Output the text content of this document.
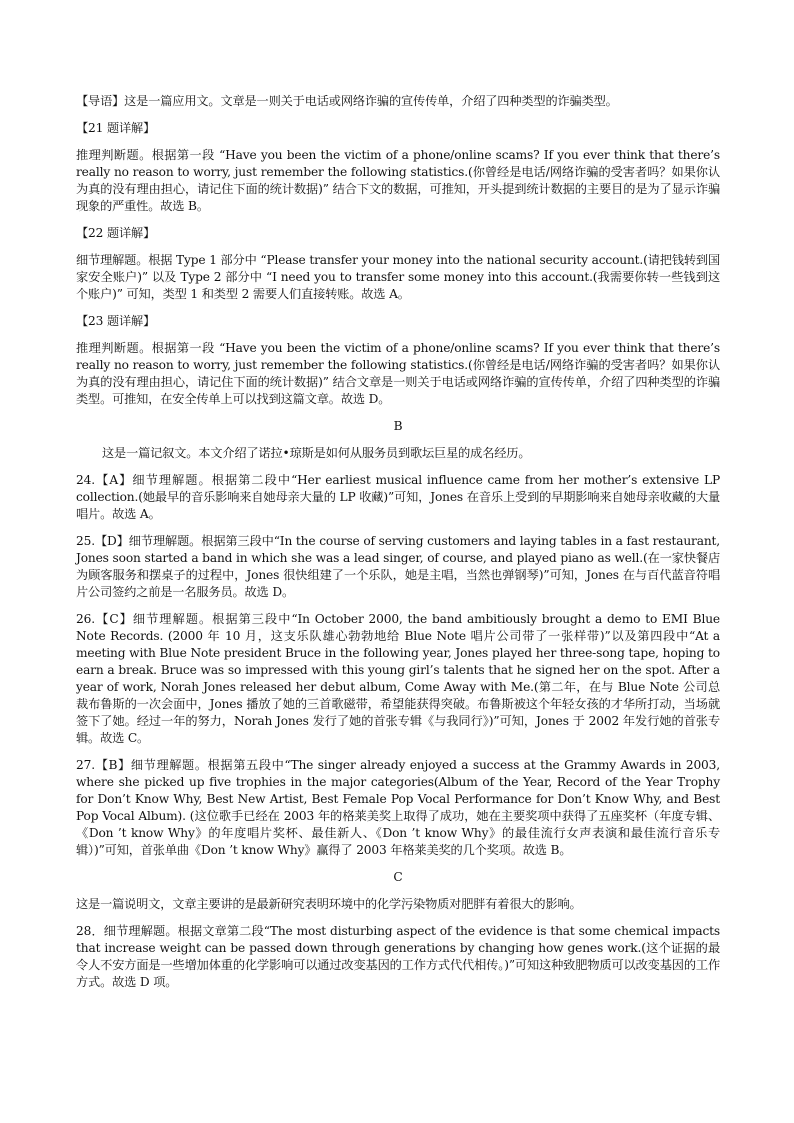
【导语】这是一篇应用文。文章是一则关于电话或网络诈骗的宣传传单，介绍了四种类型的诈骗类型。

【21 题详解】

推理判断题。根据第一段 “Have you been the victim of a phone/online scams? If you ever think that there’s really no reason to worry, just remember the following statistics.(你曾经是电话/网络诈骗的受害者吗？如果你认为真的没有理由担心，请记住下面的统计数据)” 结合下文的数据，可推知，开头提到统计数据的主要目的是为了显示诈骗现象的严重性。故选 B。

【22 题详解】

细节理解题。根据 Type 1 部分中 “Please transfer your money into the national security account.(请把钱转到国家安全账户)” 以及 Type 2 部分中 “I need you to transfer some money into this account.(我需要你转一些钱到这个账户)” 可知，类型 1 和类型 2 需要人们直接转账。故选 A。

【23 题详解】

推理判断题。根据第一段 “Have you been the victim of a phone/online scams? If you ever think that there’s really no reason to worry, just remember the following statistics.(你曾经是电话/网络诈骗的受害者吗？如果你认为真的没有理由担心，请记住下面的统计数据)” 结合文章是一则关于电话或网络诈骗的宣传传单，介绍了四种类型的诈骗类型。可推知，在安全传单上可以找到这篇文章。故选 D。

B

这是一篇记叙文。本文介绍了诺拉•琼斯是如何从服务员到歌坛巨星的成名经历。

24.【A】细节理解题。根据第二段中“Her earliest musical influence came from her mother’s extensive LP collection.(她最早的音乐影响来自她母亲大量的 LP 收藏)”可知，Jones 在音乐上受到的早期影响来自她母亲收藏的大量唱片。故选 A。

25.【D】细节理解题。根据第三段中“In the course of serving customers and laying tables in a fast restaurant, Jones soon started a band in which she was a lead singer, of course, and played piano as well.(在一家快餐店为顾客服务和摆桌子的过程中，Jones 很快组建了一个乐队，她是主唱，当然也弹钢琴)”可知，Jones 在与百代蓝音符唱片公司签约之前是一名服务员。故选 D。

26.【C】细节理解题。根据第三段中“In October 2000, the band ambitiously brought a demo to EMI Blue Note Records. (2000 年 10 月，这支乐队雄心勃勃地给 Blue Note 唱片公司带了一张样带)”以及第四段中“At a meeting with Blue Note president Bruce in the following year, Jones played her three-song tape, hoping to earn a break. Bruce was so impressed with this young girl’s talents that he signed her on the spot. After a year of work, Norah Jones released her debut album, Come Away with Me.(第二年，在与 Blue Note 公司总裁布鲁斯的一次会面中，Jones 播放了她的三首歌磁带，希望能获得突破。布鲁斯被这个年轻女孩的才华所打动，当场就签下了她。经过一年的努力，Norah Jones 发行了她的首张专辑《与我同行》)”可知，Jones 于 2002 年发行她的首张专辑。故选 C。

27.【B】细节理解题。根据第五段中“The singer already enjoyed a success at the Grammy Awards in 2003, where she picked up five trophies in the major categories(Album of the Year, Record of the Year Trophy for Don’t Know Why, Best New Artist, Best Female Pop Vocal Performance for Don’t Know Why, and Best Pop Vocal Album). (这位歌手已经在 2003 年的格莱美奖上取得了成功，她在主要奖项中获得了五座奖杯（年度专辑、《Don ’t know Why》的年度唱片奖杯、最佳新人、《Don ’t know Why》的最佳流行女声表演和最佳流行音乐专辑）)”可知，首张单曲《Don ’t know Why》赢得了 2003 年格莱美奖的几个奖项。故选 B。

C

这是一篇说明文，文章主要讲的是最新研究表明环境中的化学污染物质对肥胖有着很大的影响。

28．细节理解题。根据文章第二段“The most disturbing aspect of the evidence is that some chemical impacts that increase weight can be passed down through generations by changing how genes work.(这个证据的最令人不安方面是一些增加体重的化学影响可以通过改变基因的工作方式代代相传。)”可知这种致肥物质可以改变基因的工作方式。故选 D 项。
